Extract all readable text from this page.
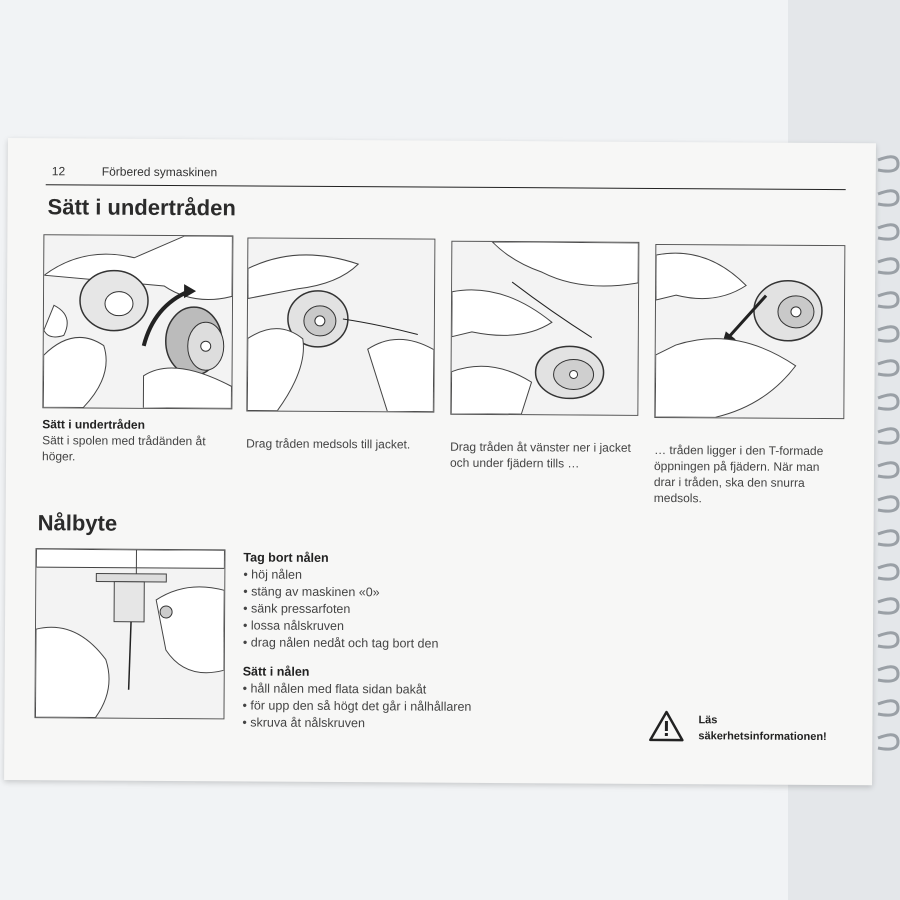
12	Förbered symaskinen
Sätt i undertråden
Sätt i undertråden
Sätt i spolen med trådänden åt höger.
Drag tråden medsols till jacket.	Drag tråden åt vänster ner i jacket och under fjädern tills …
… tråden ligger i den T-formade öppningen på fjädern. När man drar i tråden, ska den snurra medsols.
Nålbyte
Tag bort nålen
• höj nålen
• stäng av maskinen «0»
• sänk pressarfoten
• lossa nålskruven
• drag nålen nedåt och tag bort den
Sätt i nålen
• håll nålen med flata sidan bakåt
• för upp den så högt det går i nålhållaren
• skruva åt nålskruven	Läs säkerhetsinformationen!
